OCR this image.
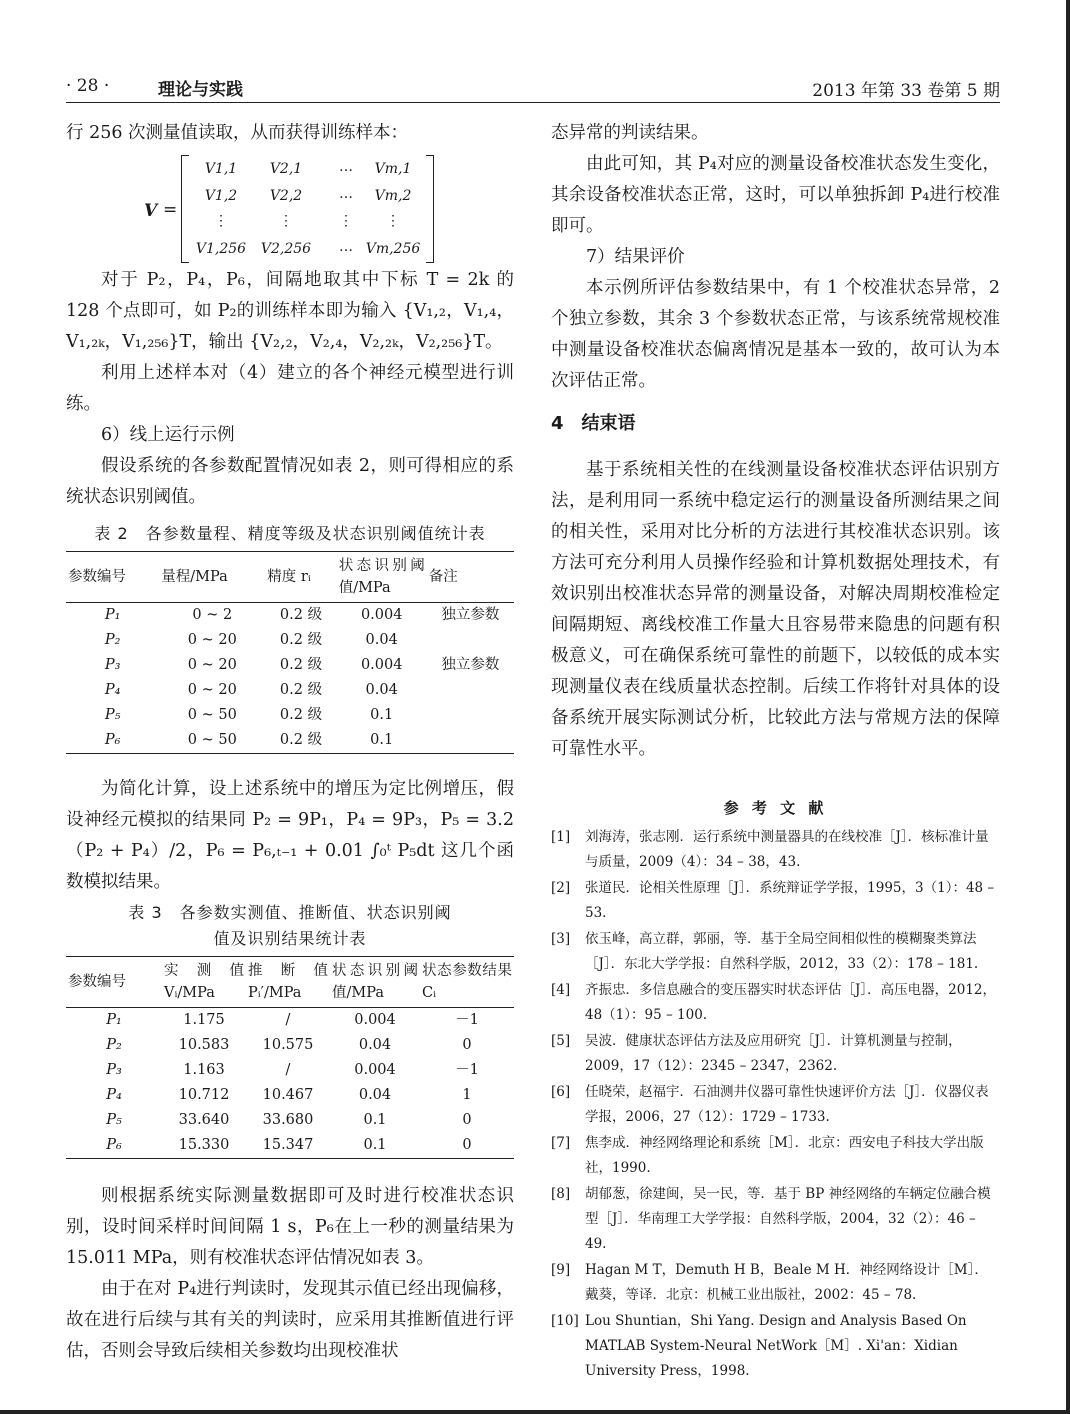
· 28 ·	理论与实践	2013 年第 33 卷第 5 期

行 256 次测量值读取，从而获得训练样本：

V =
V1,1	V2,1	…	Vm,1
V1,2	V2,2	…	Vm,2
⋮	⋮	⋮	⋮
V1,256	V2,256	… Vm,256

对于 P₂，P₄，P₆，间隔地取其中下标 T = 2k 的 128 个点即可，如 P₂的训练样本即为输入 {V₁,₂，V₁,₄，V₁,₂ₖ，V₁,₂₅₆}T，输出 {V₂,₂，V₂,₄，V₂,₂ₖ，V₂,₂₅₆}T。

利用上述样本对（4）建立的各个神经元模型进行训练。

6）线上运行示例

假设系统的各参数配置情况如表 2，则可得相应的系统状态识别阈值。

表 2　各参数量程、精度等级及状态识别阈值统计表
参数编号	量程/MPa	精度 rᵢ	状态识别阈值/MPa	备注
P₁	0 ~ 2	0.2 级	0.004	独立参数
P₂	0 ~ 20	0.2 级	0.04	
P₃	0 ~ 20	0.2 级	0.004	独立参数
P₄	0 ~ 20	0.2 级	0.04	
P₅	0 ~ 50	0.2 级	0.1	
P₆	0 ~ 50	0.2 级	0.1	

为简化计算，设上述系统中的增压为定比例增压，假设神经元模拟的结果同 P₂ = 9P₁，P₄ = 9P₃，P₅ = 3.2（P₂ + P₄）/2，P₆ = P₆,ₜ₋₁ + 0.01 ∫₀ᵗ P₅dt 这几个函数模拟结果。

表 3　各参数实测值、推断值、状态识别阈
值及识别结果统计表
参数编号	实测值 Vᵢ/MPa	推断值 Pᵢ′/MPa	状态识别阈值/MPa	状态参数结果 Cᵢ
P₁	1.175	/	0.004	－1
P₂	10.583	10.575	0.04	0
P₃	1.163	/	0.004	－1
P₄	10.712	10.467	0.04	1
P₅	33.640	33.680	0.1	0
P₆	15.330	15.347	0.1	0

则根据系统实际测量数据即可及时进行校准状态识别，设时间采样时间间隔 1 s，P₆在上一秒的测量结果为 15.011 MPa，则有校准状态评估情况如表 3。

由于在对 P₄进行判读时，发现其示值已经出现偏移，故在进行后续与其有关的判读时，应采用其推断值进行评估，否则会导致后续相关参数均出现校准状

态异常的判读结果。

由此可知，其 P₄对应的测量设备校准状态发生变化，其余设备校准状态正常，这时，可以单独拆卸 P₄进行校准即可。

7）结果评价

本示例所评估参数结果中，有 1 个校准状态异常，2 个独立参数，其余 3 个参数状态正常，与该系统常规校准中测量设备校准状态偏离情况是基本一致的，故可认为本次评估正常。

4　结束语

基于系统相关性的在线测量设备校准状态评估识别方法，是利用同一系统中稳定运行的测量设备所测结果之间的相关性，采用对比分析的方法进行其校准状态识别。该方法可充分利用人员操作经验和计算机数据处理技术，有效识别出校准状态异常的测量设备，对解决周期校准检定间隔期短、离线校准工作量大且容易带来隐患的问题有积极意义，可在确保系统可靠性的前题下，以较低的成本实现测量仪表在线质量状态控制。后续工作将针对具体的设备系统开展实际测试分析，比较此方法与常规方法的保障可靠性水平。

参 考 文 献
[1] 刘海涛，张志刚．运行系统中测量器具的在线校准［J］．核标准计量与质量，2009（4）：34 – 38，43.
[2] 张道民．论相关性原理［J］．系统辩证学学报，1995，3（1）：48 – 53.
[3] 依玉峰，高立群，郭丽，等．基于全局空间相似性的模糊聚类算法［J］．东北大学学报：自然科学版，2012，33（2）：178 – 181.
[4] 齐振忠．多信息融合的变压器实时状态评估［J］．高压电器，2012，48（1）：95 – 100.
[5] 吴波．健康状态评估方法及应用研究［J］．计算机测量与控制，2009，17（12）：2345 – 2347，2362.
[6] 任晓荣，赵福宇．石油测井仪器可靠性快速评价方法［J］．仪器仪表学报，2006，27（12）：1729 – 1733.
[7] 焦李成．神经网络理论和系统［M］．北京：西安电子科技大学出版社，1990.
[8] 胡郁葱，徐建闽，吴一民，等．基于 BP 神经网络的车辆定位融合模型［J］．华南理工大学学报：自然科学版，2004，32（2）：46 – 49.
[9] Hagan M T，Demuth H B，Beale M H．神经网络设计［M］．戴葵，等译．北京：机械工业出版社，2002：45 – 78.
[10] Lou Shuntian，Shi Yang. Design and Analysis Based On MATLAB System-Neural NetWork［M］. Xi'an：Xidian University Press，1998.
